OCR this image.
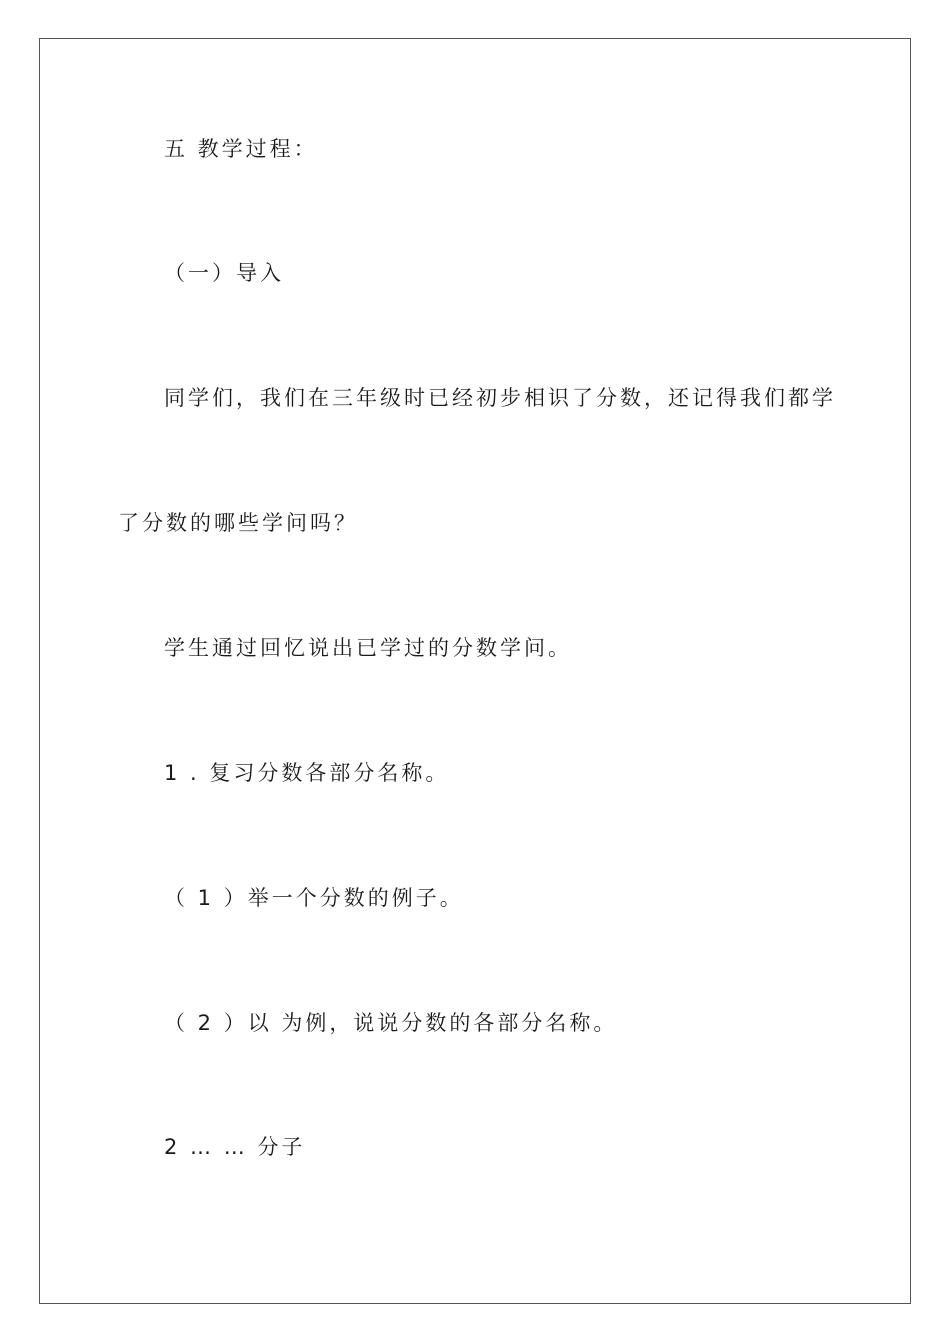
五 教学过程：
（一）导入
同学们，我们在三年级时已经初步相识了分数，还记得我们都学
了分数的哪些学问吗？
学生通过回忆说出已学过的分数学问。
1 . 复习分数各部分名称。
（ 1 ）举一个分数的例子。
（ 2 ）以 为例，说说分数的各部分名称。
2 … … 分子
